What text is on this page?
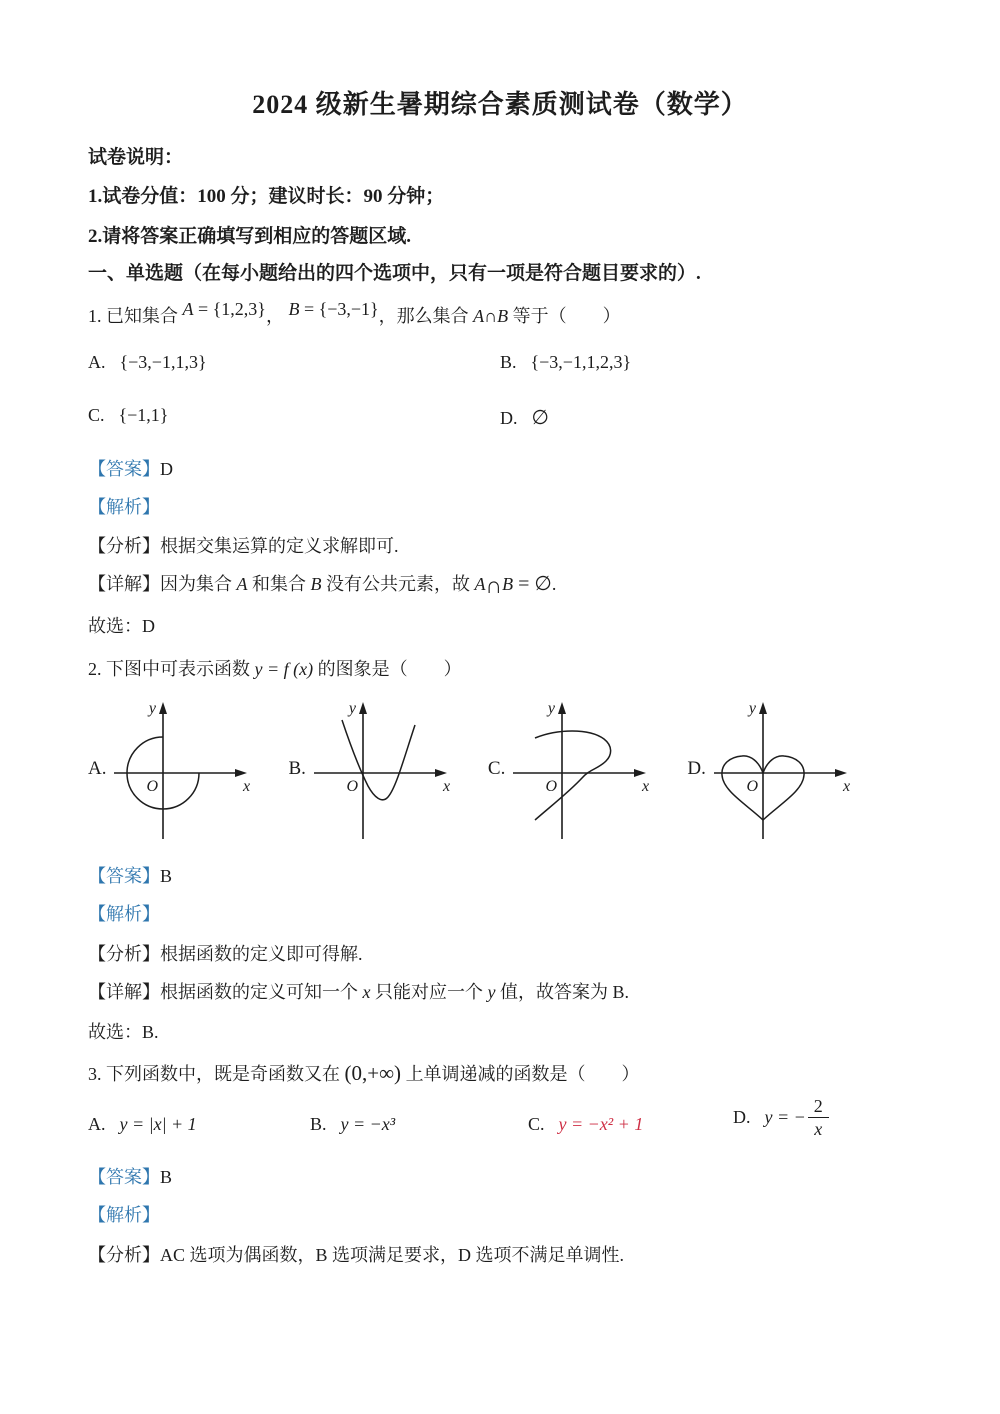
2024 级新生暑期综合素质测试卷（数学）
试卷说明：
1.试卷分值：100 分；建议时长：90 分钟；
2.请将答案正确填写到相应的答题区域.
一、单选题（在每小题给出的四个选项中，只有一项是符合题目要求的）.
1. 已知集合 A = {1,2,3}， B = {−3,−1}，那么集合 A∩B 等于（　　）
A. {−3,−1,1,3}	B. {−3,−1,1,2,3}
C. {−1,1}	D. ∅
【答案】D
【解析】
【分析】根据交集运算的定义求解即可.
【详解】因为集合 A 和集合 B 没有公共元素，故 A∩B = ∅.
故选：D
2. 下图中可表示函数 y = f (x) 的图象是（　　）
A.
y
x
O
B.
y
x
O
C.
y
x
O
D.
y
x
O
【答案】B
【解析】
【分析】根据函数的定义即可得解.
【详解】根据函数的定义可知一个 x 只能对应一个 y 值，故答案为 B.
故选：B.
3. 下列函数中，既是奇函数又在 (0,+∞) 上单调递减的函数是（　　）
A. y = |x| + 1	B. y = −x³	C. y = −x² + 1	D. y = − $\frac{2}{x}$
【答案】B
【解析】
【分析】AC 选项为偶函数，B 选项满足要求，D 选项不满足单调性.
